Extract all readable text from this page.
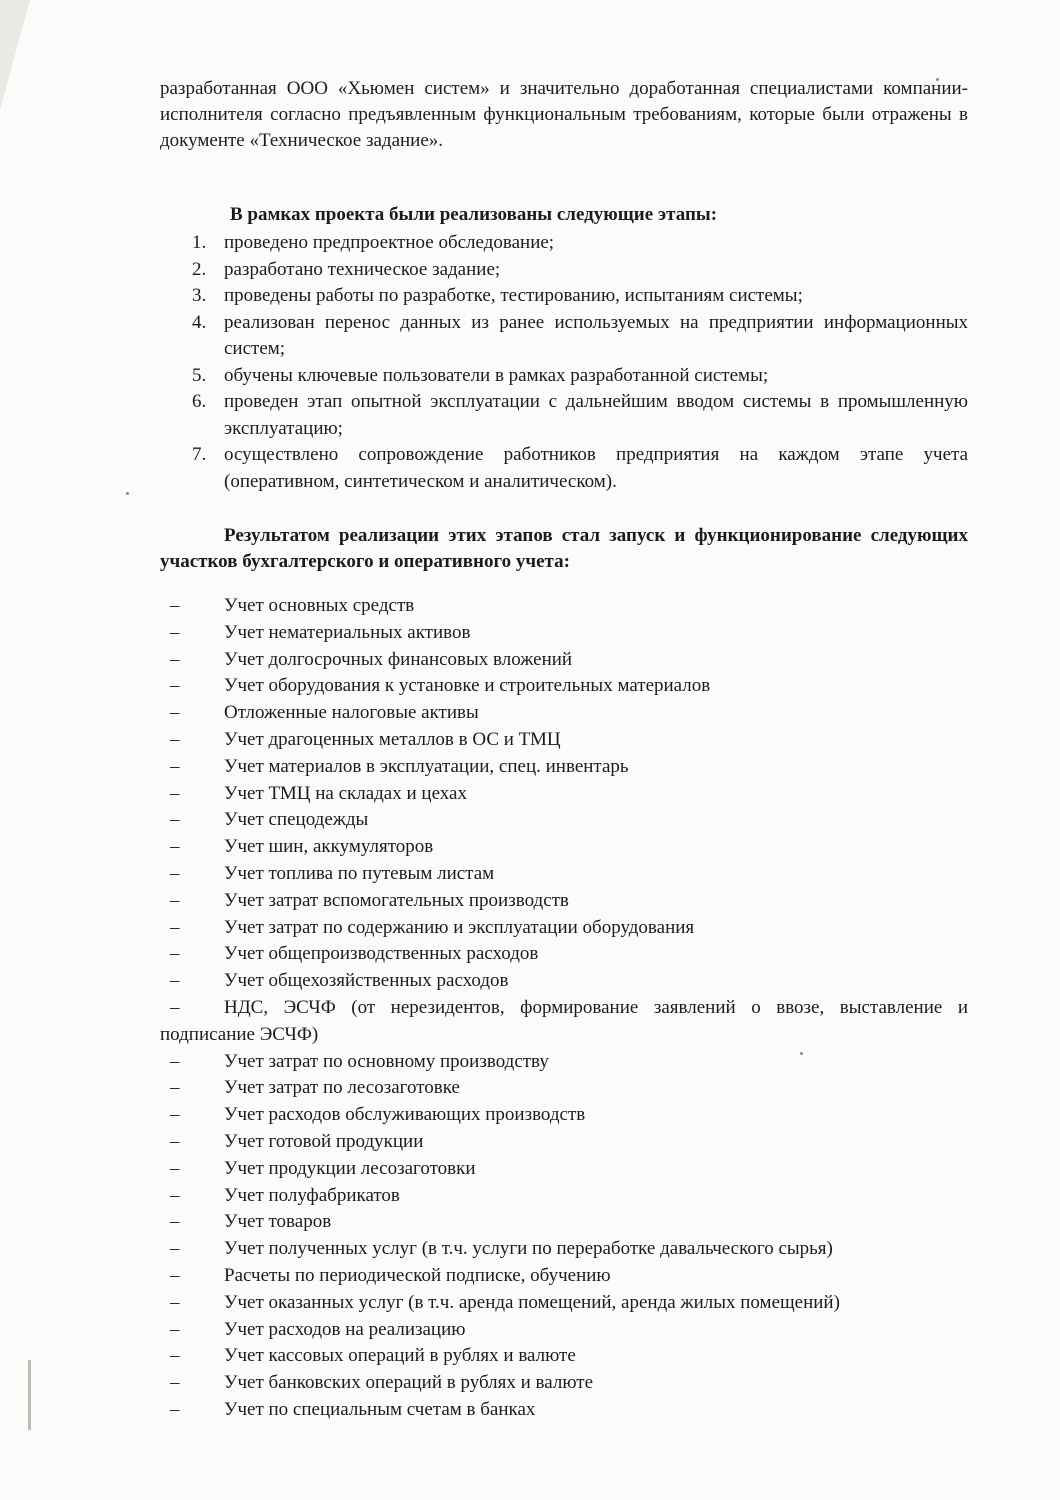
разработанная ООО «Хьюмен систем» и значительно доработанная специалистами компании-исполнителя согласно предъявленным функциональным требованиям, которые были отражены в документе «Техническое задание».

В рамках проекта были реализованы следующие этапы:
1. проведено предпроектное обследование;
2. разработано техническое задание;
3. проведены работы по разработке, тестированию, испытаниям системы;
4. реализован перенос данных из ранее используемых на предприятии информационных систем;
5. обучены ключевые пользователи в рамках разработанной системы;
6. проведен этап опытной эксплуатации с дальнейшим вводом системы в промышленную эксплуатацию;
7. осуществлено сопровождение работников предприятия на каждом этапе учета (оперативном, синтетическом и аналитическом).

Результатом реализации этих этапов стал запуск и функционирование следующих участков бухгалтерского и оперативного учета:

– Учет основных средств
– Учет нематериальных активов
– Учет долгосрочных финансовых вложений
– Учет оборудования к установке и строительных материалов
– Отложенные налоговые активы
– Учет драгоценных металлов в ОС и ТМЦ
– Учет материалов в эксплуатации, спец. инвентарь
– Учет ТМЦ на складах и цехах
– Учет спецодежды
– Учет шин, аккумуляторов
– Учет топлива по путевым листам
– Учет затрат вспомогательных производств
– Учет затрат по содержанию и эксплуатации оборудования
– Учет общепроизводственных расходов
– Учет общехозяйственных расходов
– НДС, ЭСЧФ (от нерезидентов, формирование заявлений о ввозе, выставление и подписание ЭСЧФ)
– Учет затрат по основному производству
– Учет затрат по лесозаготовке
– Учет расходов обслуживающих производств
– Учет готовой продукции
– Учет продукции лесозаготовки
– Учет полуфабрикатов
– Учет товаров
– Учет полученных услуг (в т.ч. услуги по переработке давальческого сырья)
– Расчеты по периодической подписке, обучению
– Учет оказанных услуг (в т.ч. аренда помещений, аренда жилых помещений)
– Учет расходов на реализацию
– Учет кассовых операций в рублях и валюте
– Учет банковских операций в рублях и валюте
– Учет по специальным счетам в банках
